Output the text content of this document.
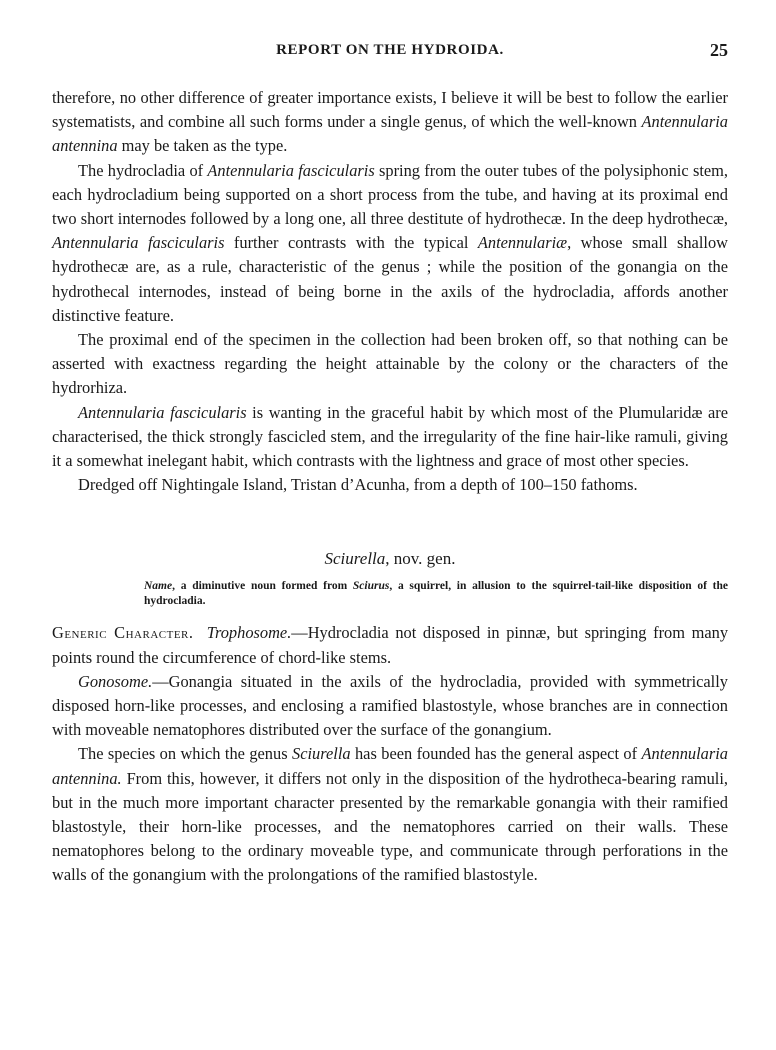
REPORT ON THE HYDROIDA.	25

therefore, no other difference of greater importance exists, I believe it will be best to follow the earlier systematists, and combine all such forms under a single genus, of which the well-known Antennularia antennina may be taken as the type.

The hydrocladia of Antennularia fascicularis spring from the outer tubes of the polysiphonic stem, each hydrocladium being supported on a short process from the tube, and having at its proximal end two short internodes followed by a long one, all three destitute of hydrothecæ. In the deep hydrothecæ, Antennularia fascicularis further contrasts with the typical Antennulariæ, whose small shallow hydrothecæ are, as a rule, characteristic of the genus ; while the position of the gonangia on the hydrothecal internodes, instead of being borne in the axils of the hydrocladia, affords another distinctive feature.

The proximal end of the specimen in the collection had been broken off, so that nothing can be asserted with exactness regarding the height attainable by the colony or the characters of the hydrorhiza.

Antennularia fascicularis is wanting in the graceful habit by which most of the Plumularidæ are characterised, the thick strongly fascicled stem, and the irregularity of the fine hair-like ramuli, giving it a somewhat inelegant habit, which contrasts with the lightness and grace of most other species.

Dredged off Nightingale Island, Tristan d’Acunha, from a depth of 100–150 fathoms.

Sciurella, nov. gen.
Name, a diminutive noun formed from Sciurus, a squirrel, in allusion to the squirrel-tail-like disposition of the hydrocladia.

Generic Character. Trophosome.—Hydrocladia not disposed in pinnæ, but springing from many points round the circumference of chord-like stems.

Gonosome.—Gonangia situated in the axils of the hydrocladia, provided with symmetrically disposed horn-like processes, and enclosing a ramified blastostyle, whose branches are in connection with moveable nematophores distributed over the surface of the gonangium.

The species on which the genus Sciurella has been founded has the general aspect of Antennularia antennina. From this, however, it differs not only in the disposition of the hydrotheca-bearing ramuli, but in the much more important character presented by the remarkable gonangia with their ramified blastostyle, their horn-like processes, and the nematophores carried on their walls. These nematophores belong to the ordinary moveable type, and communicate through perforations in the walls of the gonangium with the prolongations of the ramified blastostyle.
